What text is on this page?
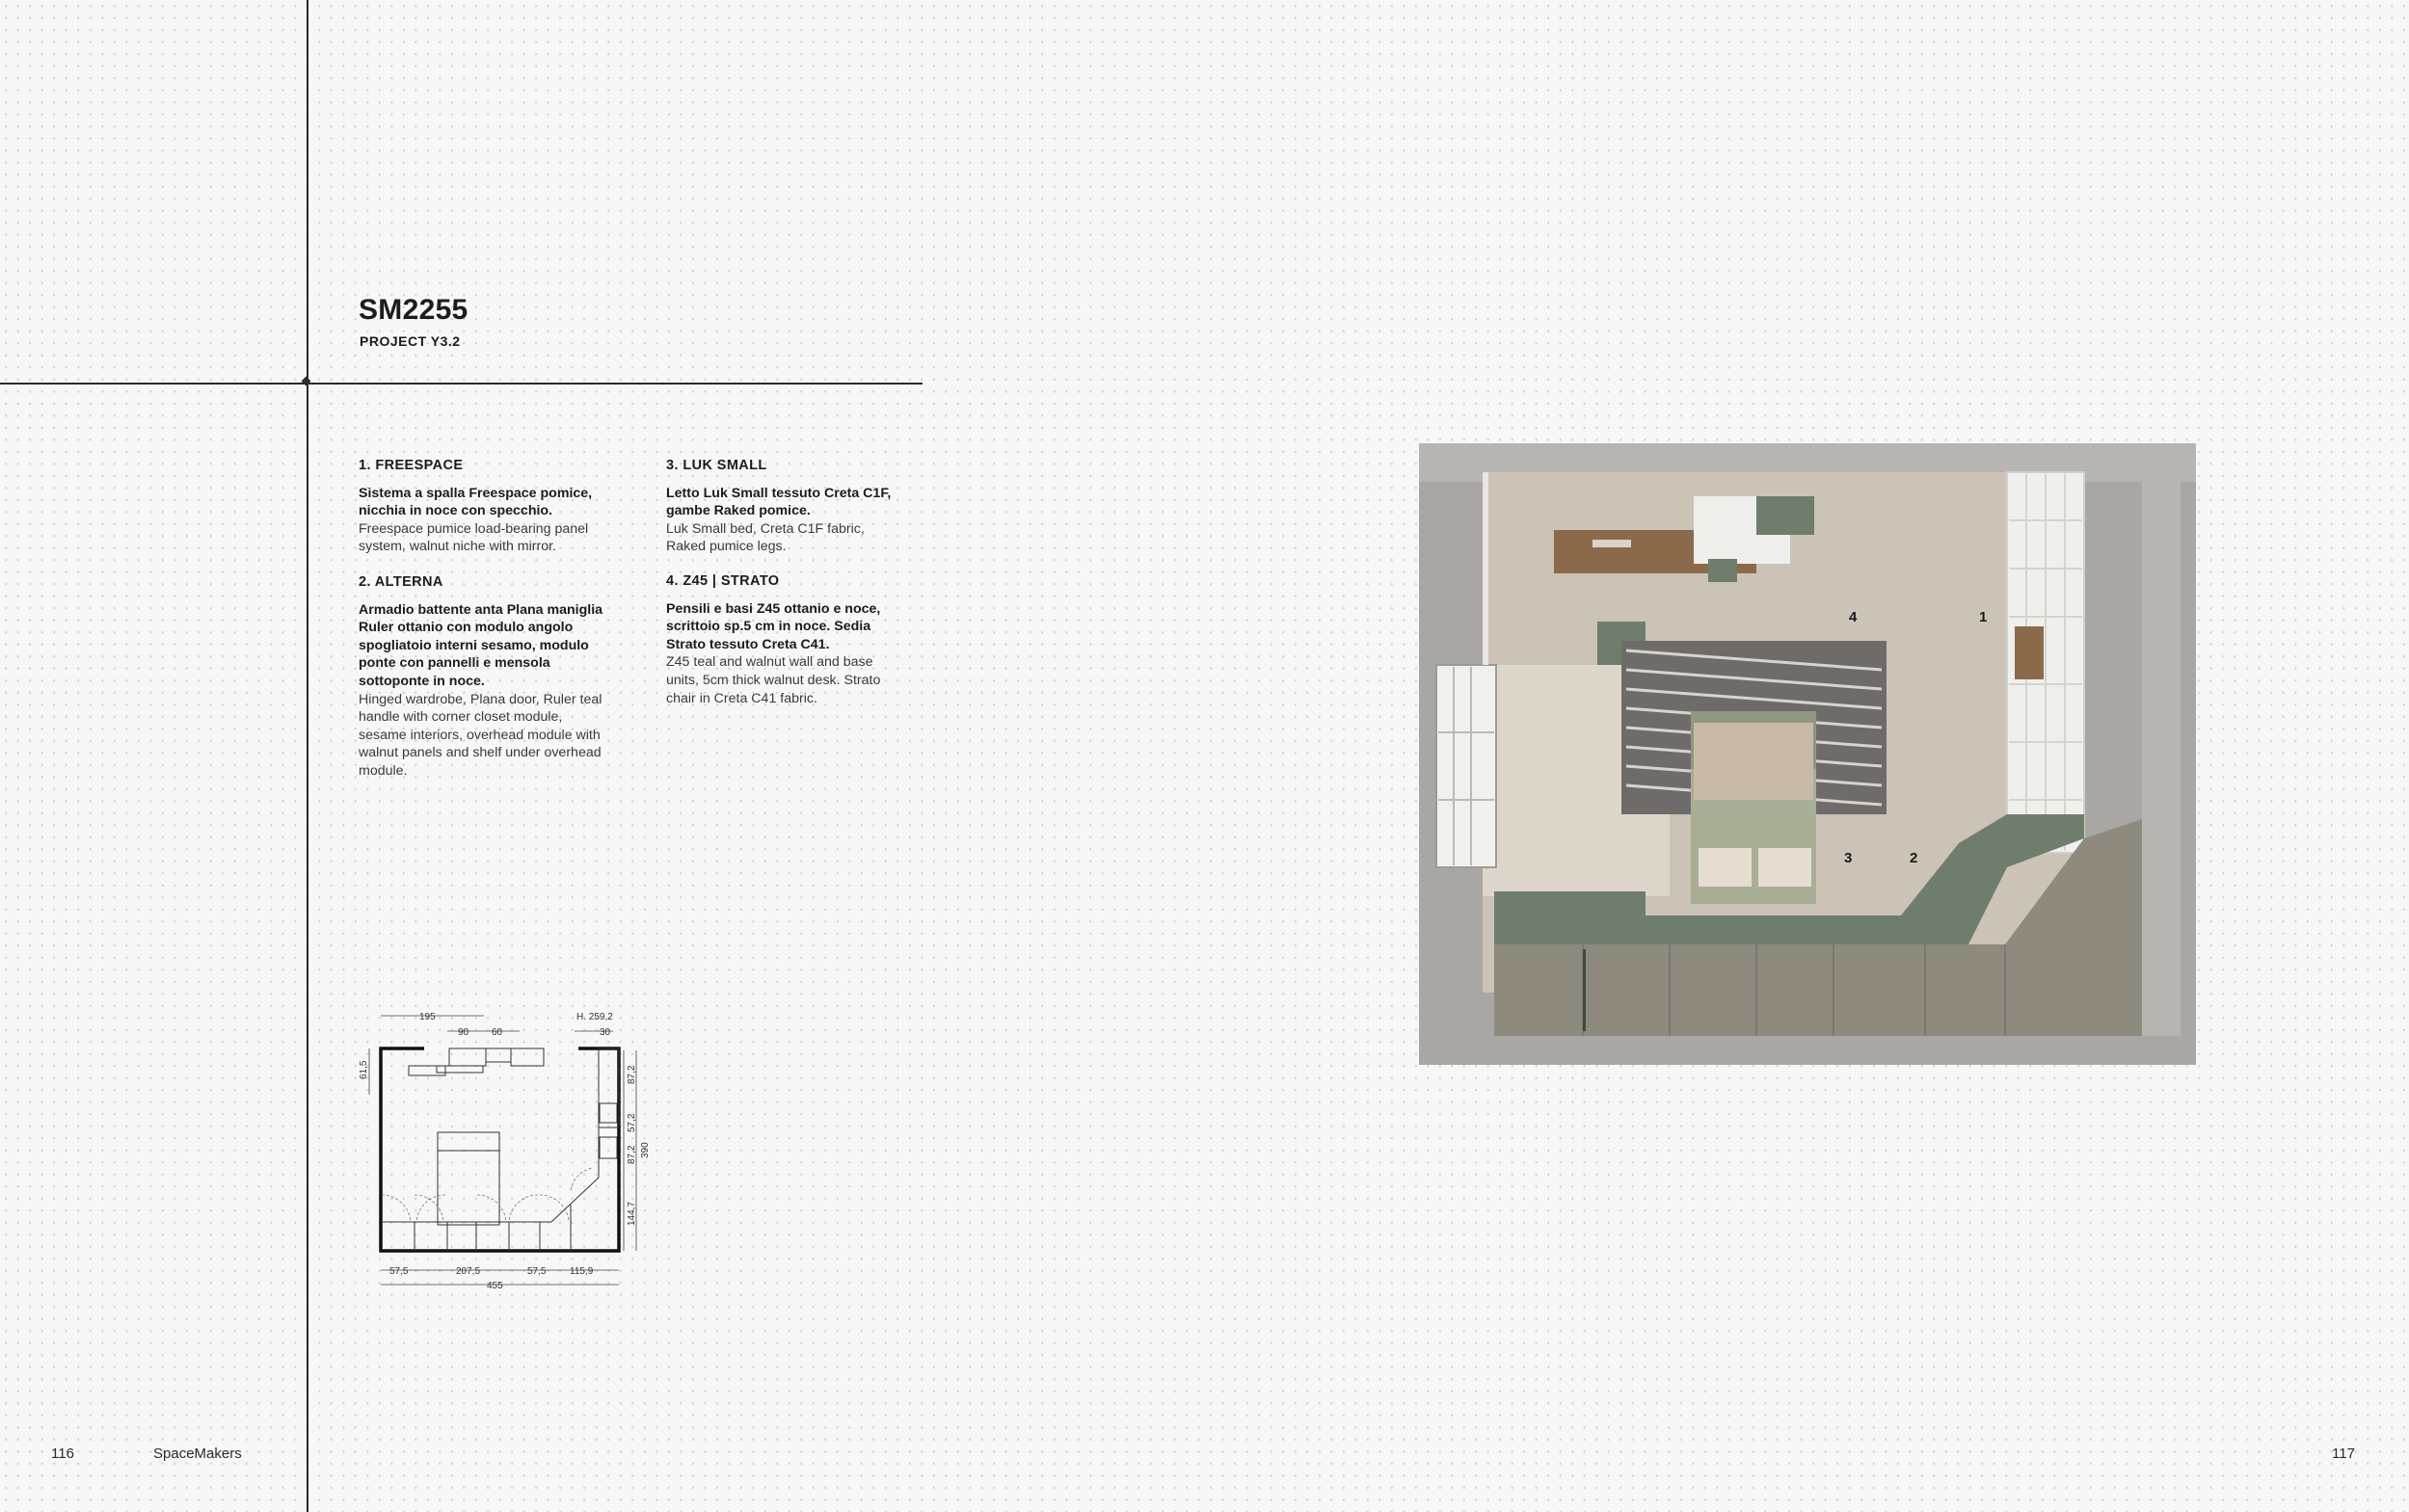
SM2255
PROJECT Y3.2
1. FREESPACE
Sistema a spalla Freespace pomice, nicchia in noce con specchio.
Freespace pumice load-bearing panel system, walnut niche with mirror.
2. ALTERNA
Armadio battente anta Plana maniglia Ruler ottanio con modulo angolo spogliatoio interni sesamo, modulo ponte con pannelli e mensola sottoponte in noce.
Hinged wardrobe, Plana door, Ruler teal handle with corner closet module, sesame interiors, overhead module with walnut panels and shelf under overhead module.
3. LUK SMALL
Letto Luk Small tessuto Creta C1F, gambe Raked pomice.
Luk Small bed, Creta C1F fabric, Raked pumice legs.
4. Z45 | STRATO
Pensili e basi Z45 ottanio e noce, scrittoio sp.5 cm in noce. Sedia Strato tessuto Creta C41.
Z45 teal and walnut wall and base units, 5cm thick walnut desk. Strato chair in Creta C41 fabric.
195
90 60
H. 259,2
30
61,5	87,2
57,2
87,2
144,7
390
57,5	207,5	57,5 115,9
455
4	1
3	2
116	SpaceMakers	117
